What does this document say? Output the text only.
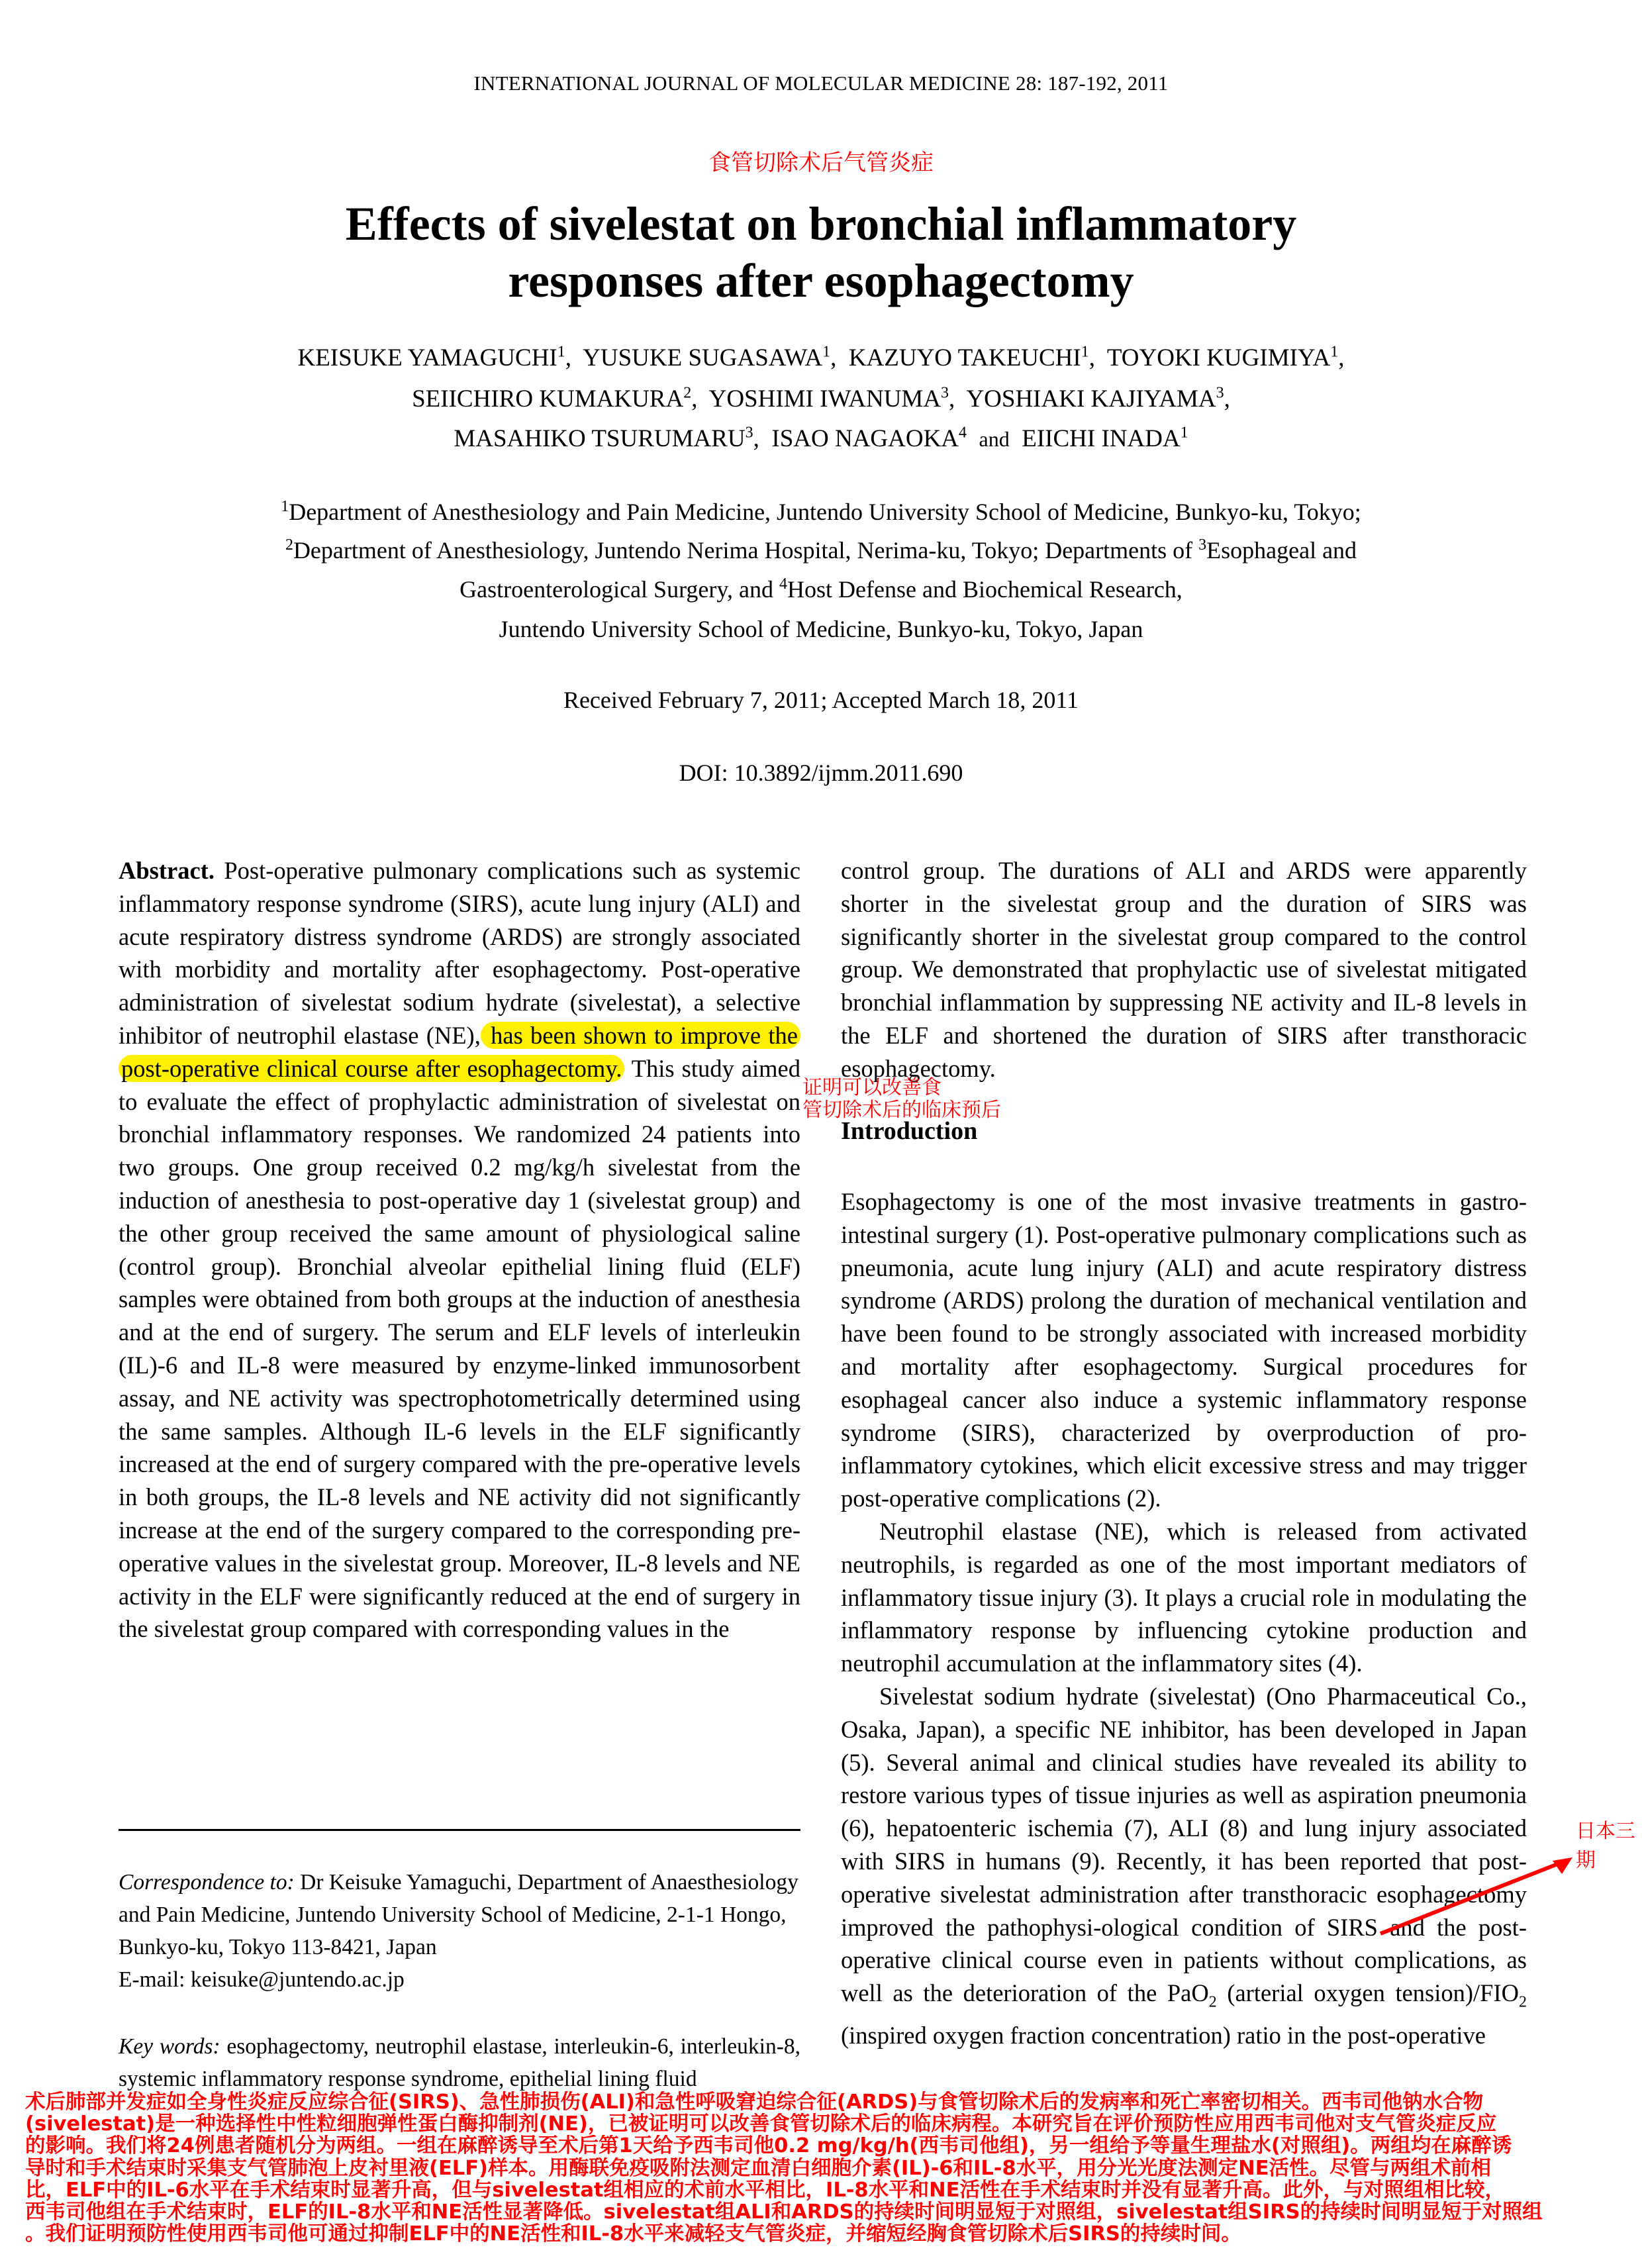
INTERNATIONAL JOURNAL OF MOLECULAR MEDICINE 28: 187-192, 2011
食管切除术后气管炎症
Effects of sivelestat on bronchial inflammatory
responses after esophagectomy
KEISUKE YAMAGUCHI$^1$,  YUSUKE SUGASAWA$^1$,  KAZUYO TAKEUCHI$^1$,  TOYOKI KUGIMIYA$^1$,
SEIICHIRO KUMAKURA$^2$,  YOSHIMI IWANUMA$^3$,  YOSHIAKI KAJIYAMA$^3$,
MASAHIKO TSURUMARU$^3$,  ISAO NAGAOKA$^4$ and EIICHI INADA$^1$
$^1$Department of Anesthesiology and Pain Medicine, Juntendo University School of Medicine, Bunkyo-ku, Tokyo;
$^2$Department of Anesthesiology, Juntendo Nerima Hospital, Nerima-ku, Tokyo; Departments of $^3$Esophageal and
Gastroenterological Surgery, and $^4$Host Defense and Biochemical Research,
Juntendo University School of Medicine, Bunkyo-ku, Tokyo, Japan
Received February 7, 2011; Accepted March 18, 2011
DOI: 10.3892/ijmm.2011.690

Abstract. Post-operative pulmonary complications such as systemic inflammatory response syndrome (SIRS), acute lung injury (ALI) and acute respiratory distress syndrome (ARDS) are strongly associated with morbidity and mortality after esophagectomy. Post-operative administration of sivelestat sodium hydrate (sivelestat), a selective inhibitor of neutrophil elastase (NE), has been shown to improve the post-operative clinical course after esophagectomy. This study aimed to evaluate the effect of prophylactic administration of sivelestat on bronchial inflammatory responses. We randomized 24 patients into two groups. One group received 0.2 mg/kg/h sivelestat from the induction of anesthesia to post-operative day 1 (sivelestat group) and the other group received the same amount of physiological saline (control group). Bronchial alveolar epithelial lining fluid (ELF) samples were obtained from both groups at the induction of anesthesia and at the end of surgery. The serum and ELF levels of interleukin (IL)-6 and IL-8 were measured by enzyme-linked immunosorbent assay, and NE activity was spectrophotometrically determined using the same samples. Although IL-6 levels in the ELF significantly increased at the end of surgery compared with the pre-operative levels in both groups, the IL-8 levels and NE activity did not significantly increase at the end of the surgery compared to the corresponding pre-operative values in the sivelestat group. Moreover, IL-8 levels and NE activity in the ELF were significantly reduced at the end of surgery in the sivelestat group compared with corresponding values in the

Correspondence to: Dr Keisuke Yamaguchi, Department of Anaesthesiology and Pain Medicine, Juntendo University School of Medicine, 2-1-1 Hongo, Bunkyo-ku, Tokyo 113-8421, Japan
E-mail: keisuke@juntendo.ac.jp
Key words: esophagectomy, neutrophil elastase, interleukin-6, interleukin-8, systemic inflammatory response syndrome, epithelial lining fluid

control group. The durations of ALI and ARDS were apparently shorter in the sivelestat group and the duration of SIRS was significantly shorter in the sivelestat group compared to the control group. We demonstrated that prophylactic use of sivelestat mitigated bronchial inflammation by suppressing NE activity and IL-8 levels in the ELF and shortened the duration of SIRS after transthoracic esophagectomy.

Introduction

Esophagectomy is one of the most invasive treatments in gastro-intestinal surgery (1). Post-operative pulmonary complications such as pneumonia, acute lung injury (ALI) and acute respiratory distress syndrome (ARDS) prolong the duration of mechanical ventilation and have been found to be strongly associated with increased morbidity and mortality after esophagectomy. Surgical procedures for esophageal cancer also induce a systemic inflammatory response syndrome (SIRS), characterized by overproduction of pro-inflammatory cytokines, which elicit excessive stress and may trigger post-operative complications (2).

Neutrophil elastase (NE), which is released from activated neutrophils, is regarded as one of the most important mediators of inflammatory tissue injury (3). It plays a crucial role in modulating the inflammatory response by influencing cytokine production and neutrophil accumulation at the inflammatory sites (4).

Sivelestat sodium hydrate (sivelestat) (Ono Pharmaceutical Co., Osaka, Japan), a specific NE inhibitor, has been developed in Japan (5). Several animal and clinical studies have revealed its ability to restore various types of tissue injuries as well as aspiration pneumonia (6), hepatoenteric ischemia (7), ALI (8) and lung injury associated with SIRS in humans (9). Recently, it has been reported that post-operative sivelestat administration after transthoracic esophagectomy improved the pathophysi-ological condition of SIRS and the post-operative clinical course even in patients without complications, as well as the deterioration of the PaO$_2$ (arterial oxygen $tension)/FIO_2$ (inspired oxygen fraction concentration) ratio in the post-operative

证明可以改善食
管切除术后的临床预后
日本三期
术后肺部并发症如全身性炎症反应综合征(SIRS)、急性肺损伤(ALI)和急性呼吸窘迫综合征(ARDS)与食管切除术后的发病率和死亡率密切相关。西韦司他钠水合物
(sivelestat)是一种选择性中性粒细胞弹性蛋白酶抑制剂(NE)，已被证明可以改善食管切除术后的临床病程。本研究旨在评价预防性应用西韦司他对支气管炎症反应
的影响。我们将24例患者随机分为两组。一组在麻醉诱导至术后第1天给予西韦司他0.2 mg/kg/h(西韦司他组)，另一组给予等量生理盐水(对照组)。两组均在麻醉诱
导时和手术结束时采集支气管肺泡上皮衬里液(ELF)样本。用酶联免疫吸附法测定血清白细胞介素(IL)-6和IL-8水平，用分光光度法测定NE活性。尽管与两组术前相
比，ELF中的IL-6水平在手术结束时显著升高，但与sivelestat组相应的术前水平相比，IL-8水平和NE活性在手术结束时并没有显著升高。此外，与对照组相比较，
西韦司他组在手术结束时，ELF的IL-8水平和NE活性显著降低。sivelestat组ALI和ARDS的持续时间明显短于对照组，sivelestat组SIRS的持续时间明显短于对照组
。我们证明预防性使用西韦司他可通过抑制ELF中的NE活性和IL-8水平来减轻支气管炎症，并缩短经胸食管切除术后SIRS的持续时间。
